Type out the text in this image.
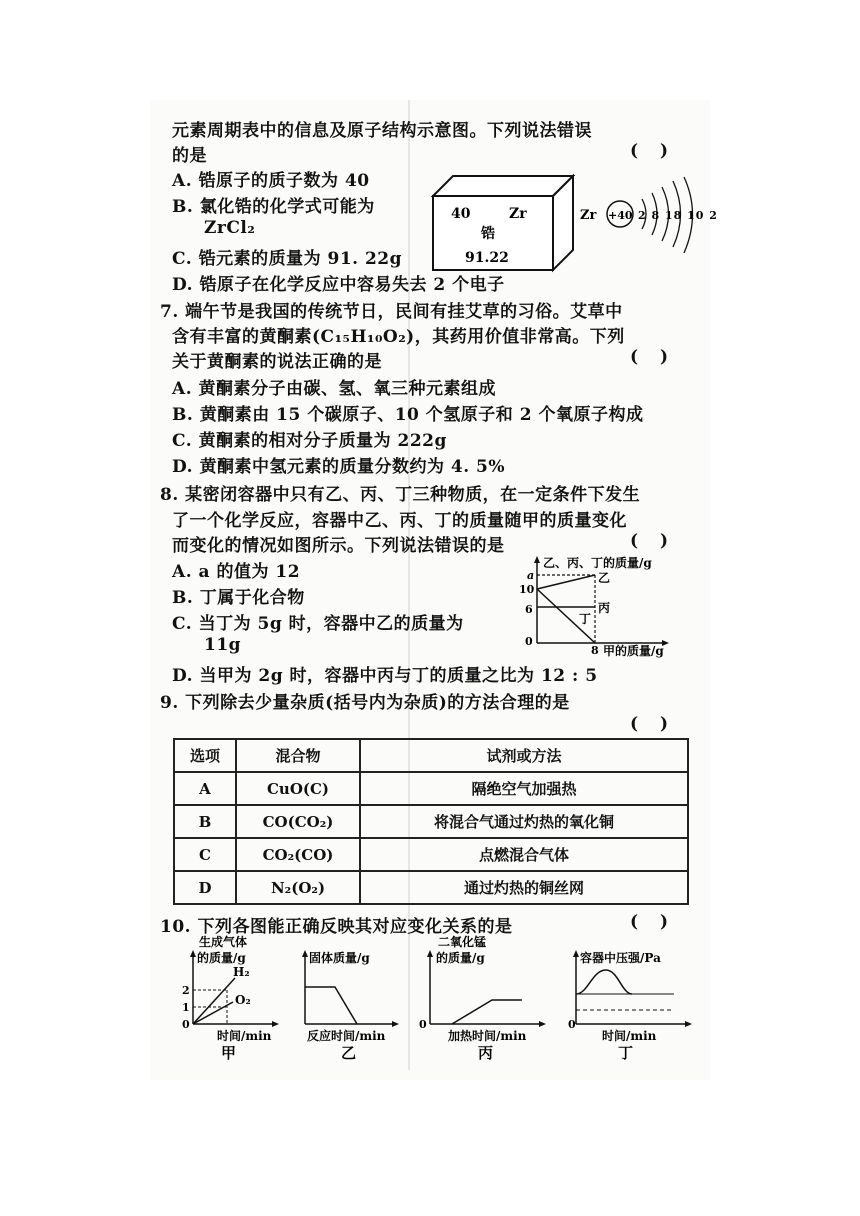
元素周期表中的信息及原子结构示意图。下列说法错误
的是	( )
A. 锆原子的质子数为 40
B. 氯化锆的化学式可能为
ZrCl₂
C. 锆元素的质量为 91. 22g
D. 锆原子在化学反应中容易失去 2 个电子
40	Zr
锆
91.22
Zr +40 2 8 18 10 2
7. 端午节是我国的传统节日，民间有挂艾草的习俗。艾草中
含有丰富的黄酮素(C₁₅H₁₀O₂)，其药用价值非常高。下列
关于黄酮素的说法正确的是	( )
A. 黄酮素分子由碳、氢、氧三种元素组成
B. 黄酮素由 15 个碳原子、10 个氢原子和 2 个氧原子构成
C. 黄酮素的相对分子质量为 222g
D. 黄酮素中氢元素的质量分数约为 4. 5%
8. 某密闭容器中只有乙、丙、丁三种物质，在一定条件下发生
了一个化学反应，容器中乙、丙、丁的质量随甲的质量变化
而变化的情况如图所示。下列说法错误的是	( )
A. a 的值为 12
B. 丁属于化合物
C. 当丁为 5g 时，容器中乙的质量为
11g
D. 当甲为 2g 时，容器中丙与丁的质量之比为 12 : 5
乙、丙、丁的质量/g
a
10
6
0
乙
丙
丁
8 甲的质量/g
9. 下列除去少量杂质(括号内为杂质)的方法合理的是
( )
选项	混合物	试剂或方法
A	CuO(C)	隔绝空气加强热
B	CO(CO₂)	将混合气通过灼热的氧化铜
C	CO₂(CO)	点燃混合气体
D	N₂(O₂)	通过灼热的铜丝网
10. 下列各图能正确反映其对应变化关系的是	( )
生成气体
的质量/g
H₂
O₂
2
1
0
时间/min
甲
固体质量/g
反应时间/min
乙
二氧化锰
的质量/g
0
加热时间/min
丙
容器中压强/Pa
0
时间/min
丁
